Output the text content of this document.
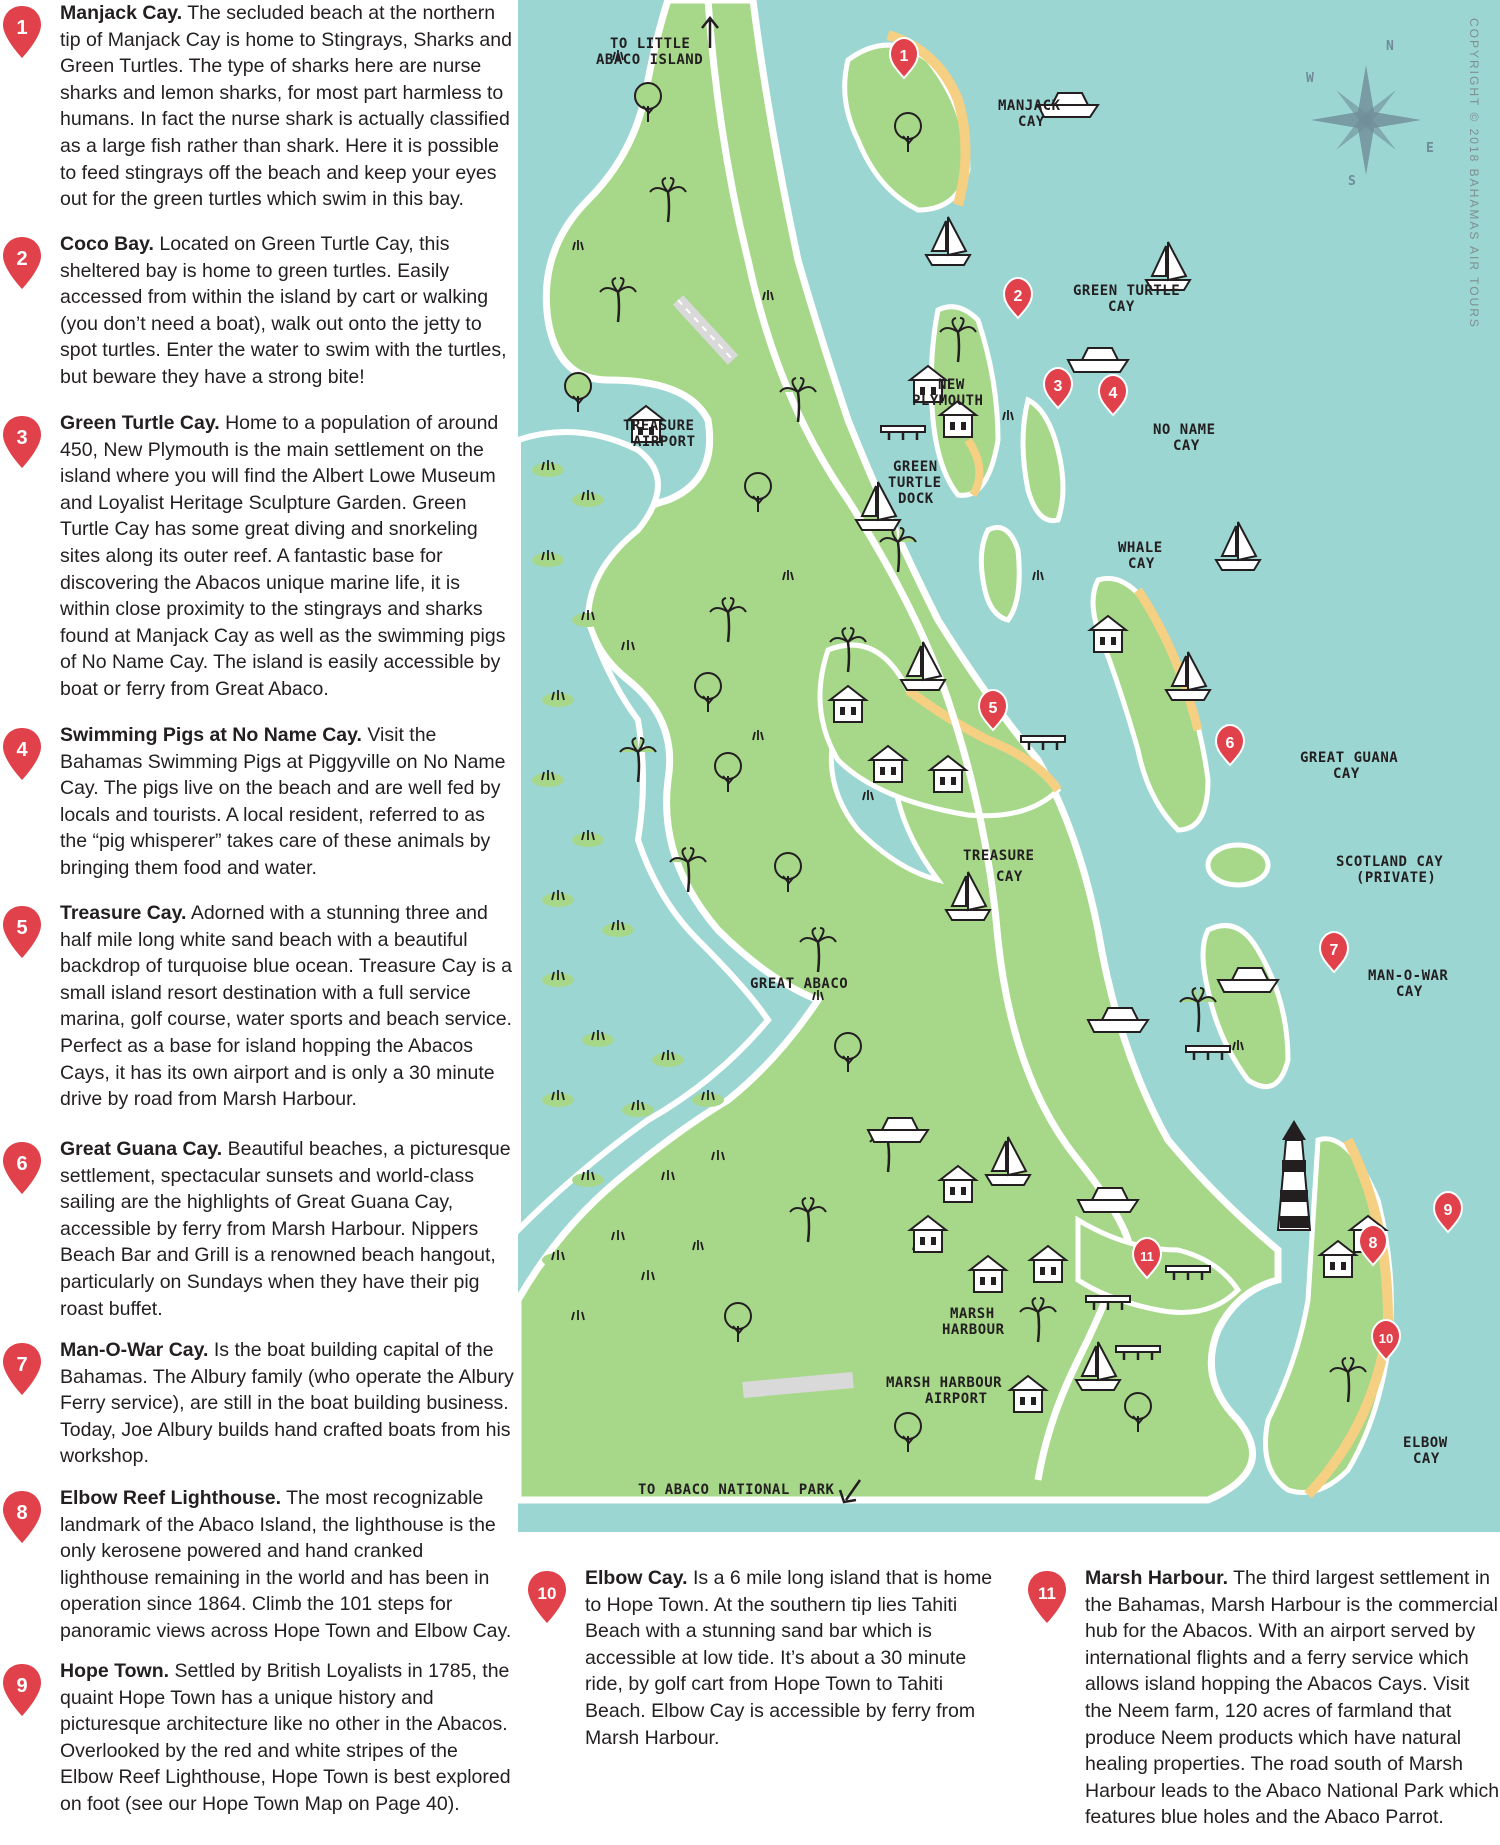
1
Manjack Cay. The secluded beach at the northern tip of Manjack Cay is home to Stingrays, Sharks and Green Turtles. The type of sharks here are nurse sharks and lemon sharks, for most part harmless to humans. In fact the nurse shark is actually classified as a large fish rather than shark. Here it is possible to feed stingrays off the beach and keep your eyes out for the green turtles which swim in this bay.
2
Coco Bay. Located on Green Turtle Cay, this sheltered bay is home to green turtles. Easily accessed from within the island by cart or walking (you don’t need a boat), walk out onto the jetty to spot turtles. Enter the water to swim with the turtles, but beware they have a strong bite!
3
Green Turtle Cay. Home to a population of around 450, New Plymouth is the main settlement on the island where you will find the Albert Lowe Museum and Loyalist Heritage Sculpture Garden. Green Turtle Cay has some great diving and snorkeling sites along its outer reef. A fantastic base for discovering the Abacos unique marine life, it is within close proximity to the stingrays and sharks found at Manjack Cay as well as the swimming pigs of No Name Cay. The island is easily accessible by boat or ferry from Great Abaco.
4
Swimming Pigs at No Name Cay. Visit the Bahamas Swimming Pigs at Piggyville on No Name Cay. The pigs live on the beach and are well fed by locals and tourists. A local resident, referred to as the “pig whisperer” takes care of these animals by bringing them food and water.
5
Treasure Cay. Adorned with a stunning three and half mile long white sand beach with a beautiful backdrop of turquoise blue ocean. Treasure Cay is a small island resort destination with a full service marina, golf course, water sports and beach service. Perfect as a base for island hopping the Abacos Cays, it has its own airport and is only a 30 minute drive by road from Marsh Harbour.
6
Great Guana Cay. Beautiful beaches, a picturesque settlement, spectacular sunsets and world-class sailing are the highlights of Great Guana Cay, accessible by ferry from Marsh Harbour. Nippers Beach Bar and Grill is a renowned beach hangout, particularly on Sundays when they have their pig roast buffet.
7
Man-O-War Cay. Is the boat building capital of the Bahamas. The Albury family (who operate the Albury Ferry service), are still in the boat building business. Today, Joe Albury builds hand crafted boats from his workshop.
8
Elbow Reef Lighthouse. The most recognizable landmark of the Abaco Island, the lighthouse is the only kerosene powered and hand cranked lighthouse remaining in the world and has been in operation since 1864. Climb the 101 steps for panoramic views across Hope Town and Elbow Cay.
9
Hope Town. Settled by British Loyalists in 1785, the quaint Hope Town has a unique history and picturesque architecture like no other in the Abacos. Overlooked by the red and white stripes of the Elbow Reef Lighthouse, Hope Town is best explored on foot (see our Hope Town Map on Page 40).
10
Elbow Cay. Is a 6 mile long island that is home to Hope Town. At the southern tip lies Tahiti Beach with a stunning sand bar which is accessible at low tide. It’s about a 30 minute ride, by golf cart from Hope Town to Tahiti Beach. Elbow Cay is accessible by ferry from Marsh Harbour.
11
Marsh Harbour. The third largest settlement in the Bahamas, Marsh Harbour is the commercial hub for the Abacos. With an airport served by international flights and a ferry service which allows island hopping the Abacos Cays. Visit the Neem farm, 120 acres of farmland that produce Neem products which have natural healing properties. The road south of Marsh Harbour leads to the Abaco National Park which features blue holes and the Abaco Parrot.
N
E
S
W	COPYRIGHT © 2018 BAHAMAS AIR TOURS
TO LITTLE
ABACO ISLAND
MANJACK
CAY
GREEN TURTLE
CAY
NEW
PLYMOUTH
NO NAME
CAY
TREASURE
AIRPORT
GREEN
TURTLE
DOCK
WHALE
CAY
GREAT GUANA
CAY
TREASURE
CAY
SCOTLAND CAY
(PRIVATE)
MAN-O-WAR
CAY
GREAT ABACO
MARSH
HARBOUR
MARSH HARBOUR
AIRPORT
TO ABACO NATIONAL PARK
ELBOW
CAY
1
2
3	4
5
6
7
8
9
10
11
